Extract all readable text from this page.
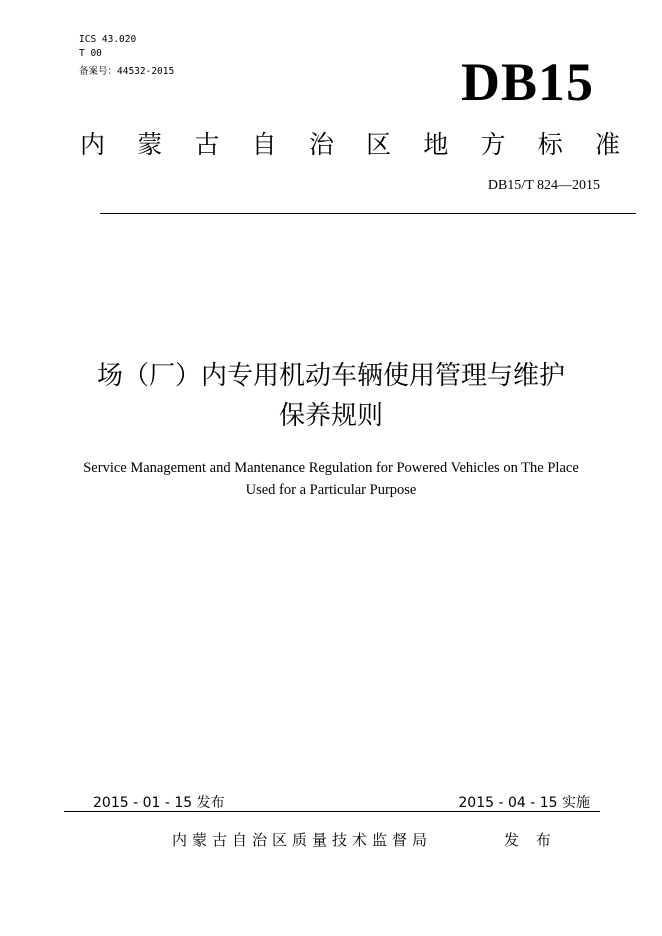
ICS 43.020
T 00
备案号：44532-2015	DB15
内 蒙 古 自 治 区 地 方 标 准
DB15/T 824—2015
场（厂）内专用机动车辆使用管理与维护
保养规则
Service Management and Mantenance Regulation for Powered Vehicles on The Place
Used for a Particular Purpose
2015 - 01 - 15 发布	2015 - 04 - 15 实施
内蒙古自治区质量技术监督局	发 布
